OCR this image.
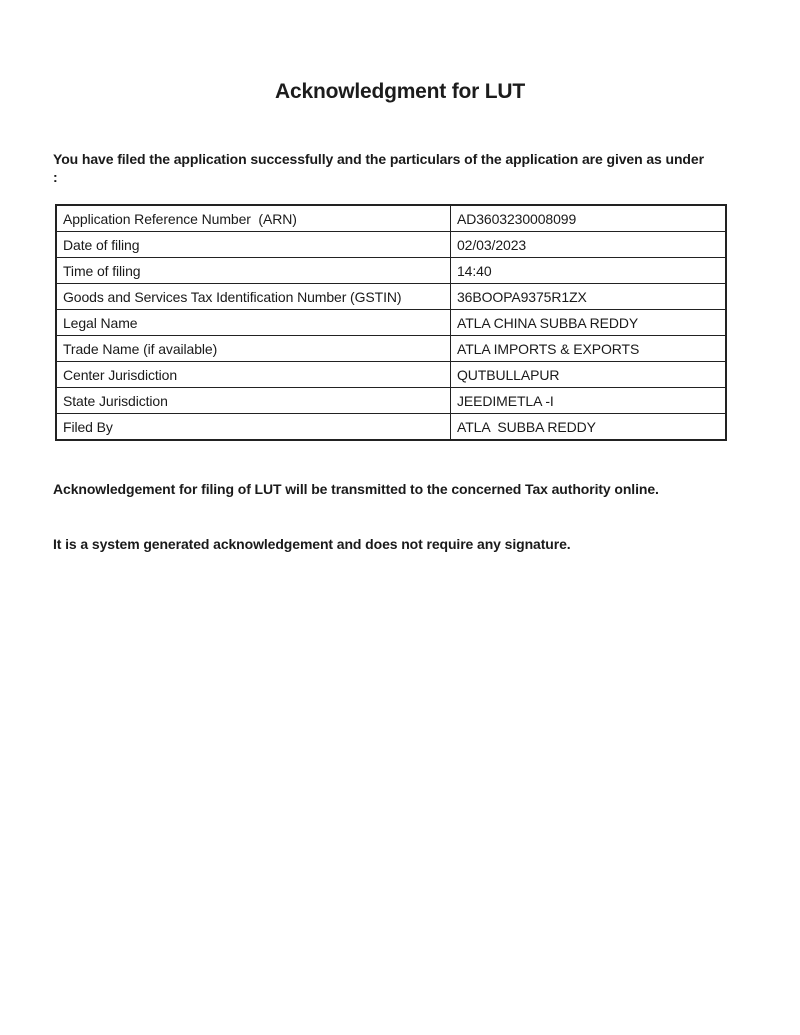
Acknowledgment for LUT

You have filed the application successfully and the particulars of the application are given as under :

Application Reference Number  (ARN)	AD3603230008099
Date of filing	02/03/2023
Time of filing	14:40
Goods and Services Tax Identification Number (GSTIN)	36BOOPA9375R1ZX
Legal Name	ATLA CHINA SUBBA REDDY
Trade Name (if available)	ATLA IMPORTS & EXPORTS
Center Jurisdiction	QUTBULLAPUR
State Jurisdiction	JEEDIMETLA -I
Filed By	ATLA  SUBBA REDDY

Acknowledgement for filing of LUT will be transmitted to the concerned Tax authority online.

It is a system generated acknowledgement and does not require any signature.
